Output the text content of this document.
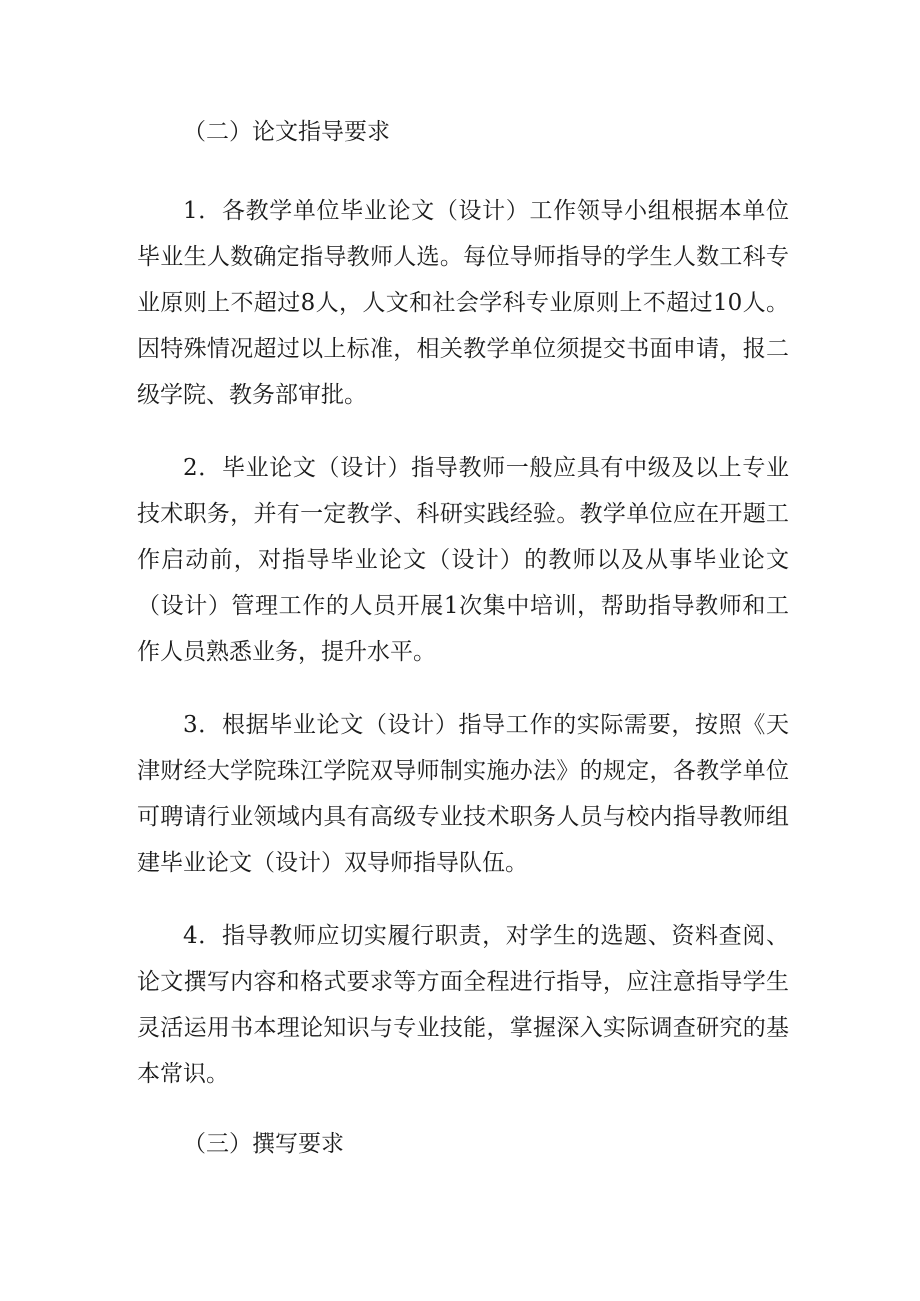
（二）论文指导要求

1．各教学单位毕业论文（设计）工作领导小组根据本单位毕业生人数确定指导教师人选。每位导师指导的学生人数工科专业原则上不超过8人，人文和社会学科专业原则上不超过10人。因特殊情况超过以上标准，相关教学单位须提交书面申请，报二级学院、教务部审批。

2．毕业论文（设计）指导教师一般应具有中级及以上专业技术职务，并有一定教学、科研实践经验。教学单位应在开题工作启动前，对指导毕业论文（设计）的教师以及从事毕业论文（设计）管理工作的人员开展1次集中培训，帮助指导教师和工作人员熟悉业务，提升水平。

3．根据毕业论文（设计）指导工作的实际需要，按照《天津财经大学院珠江学院双导师制实施办法》的规定，各教学单位可聘请行业领域内具有高级专业技术职务人员与校内指导教师组建毕业论文（设计）双导师指导队伍。

4．指导教师应切实履行职责，对学生的选题、资料查阅、论文撰写内容和格式要求等方面全程进行指导，应注意指导学生灵活运用书本理论知识与专业技能，掌握深入实际调查研究的基本常识。

（三）撰写要求
